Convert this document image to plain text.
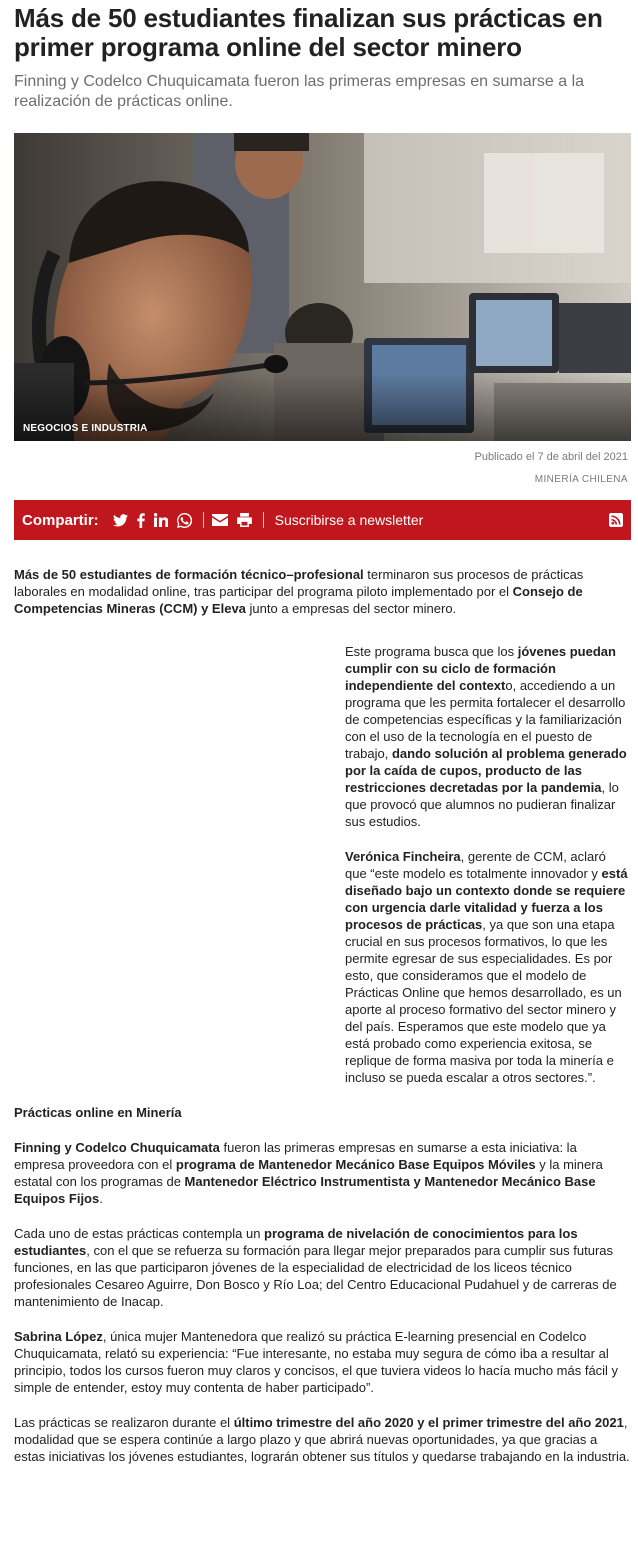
Más de 50 estudiantes finalizan sus prácticas en primer programa online del sector minero

Finning y Codelco Chuquicamata fueron las primeras empresas en sumarse a la realización de prácticas online.

NEGOCIOS E INDUSTRIA

Publicado el 7 de abril del 2021

MINERÍA CHILENA

Compartir:	Suscribirse a newsletter

Más de 50 estudiantes de formación técnico–profesional terminaron sus procesos de prácticas laborales en modalidad online, tras participar del programa piloto implementado por el Consejo de Competencias Mineras (CCM) y Eleva junto a empresas del sector minero.

Este programa busca que los jóvenes puedan cumplir con su ciclo de formación independiente del contexto, accediendo a un programa que les permita fortalecer el desarrollo de competencias específicas y la familiarización con el uso de la tecnología en el puesto de trabajo, dando solución al problema generado por la caída de cupos, producto de las restricciones decretadas por la pandemia, lo que provocó que alumnos no pudieran finalizar sus estudios.

Verónica Fincheira, gerente de CCM, aclaró que “este modelo es totalmente innovador y está diseñado bajo un contexto donde se requiere con urgencia darle vitalidad y fuerza a los procesos de prácticas, ya que son una etapa crucial en sus procesos formativos, lo que les permite egresar de sus especialidades. Es por esto, que consideramos que el modelo de Prácticas Online que hemos desarrollado, es un aporte al proceso formativo del sector minero y del país. Esperamos que este modelo que ya está probado como experiencia exitosa, se replique de forma masiva por toda la minería e incluso se pueda escalar a otros sectores.”.

Prácticas online en Minería

Finning y Codelco Chuquicamata fueron las primeras empresas en sumarse a esta iniciativa: la empresa proveedora con el programa de Mantenedor Mecánico Base Equipos Móviles y la minera estatal con los programas de Mantenedor Eléctrico Instrumentista y Mantenedor Mecánico Base Equipos Fijos.

Cada uno de estas prácticas contempla un programa de nivelación de conocimientos para los estudiantes, con el que se refuerza su formación para llegar mejor preparados para cumplir sus futuras funciones, en las que participaron jóvenes de la especialidad de electricidad de los liceos técnico profesionales Cesareo Aguirre, Don Bosco y Río Loa; del Centro Educacional Pudahuel y de carreras de mantenimiento de Inacap.

Sabrina López, única mujer Mantenedora que realizó su práctica E-learning presencial en Codelco Chuquicamata, relató su experiencia: “Fue interesante, no estaba muy segura de cómo iba a resultar al principio, todos los cursos fueron muy claros y concisos, el que tuviera videos lo hacía mucho más fácil y simple de entender, estoy muy contenta de haber participado”.

Las prácticas se realizaron durante el último trimestre del año 2020 y el primer trimestre del año 2021, modalidad que se espera continúe a largo plazo y que abrirá nuevas oportunidades, ya que gracias a estas iniciativas los jóvenes estudiantes, lograrán obtener sus títulos y quedarse trabajando en la industria.
